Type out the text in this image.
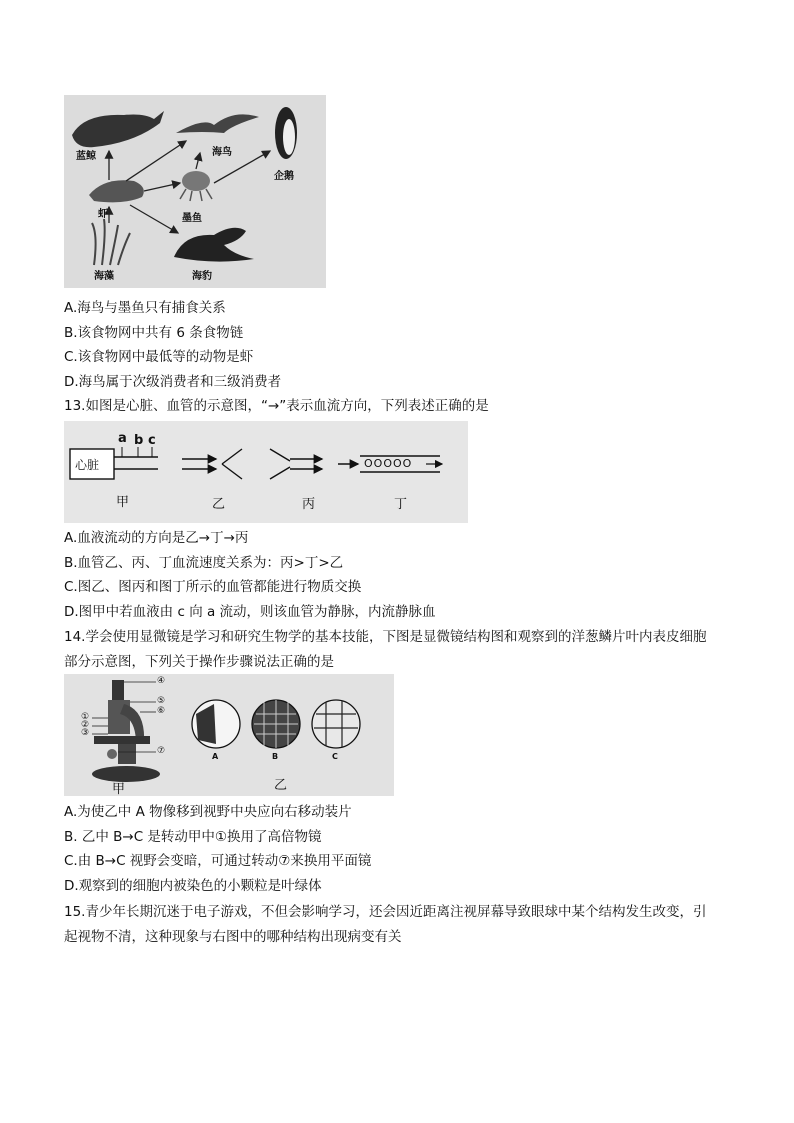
蓝鲸	海鸟
企鹅
虾	墨鱼
海藻	海豹
A.海鸟与墨鱼只有捕食关系
B.该食物网中共有 6 条食物链
C.该食物网中最低等的动物是虾
D.海鸟属于次级消费者和三级消费者
13.如图是心脏、血管的示意图，“→”表示血流方向，下列表述正确的是
心脏
a b c
OOOOO
甲	乙	丙	丁
A.血液流动的方向是乙→丁→丙
B.血管乙、丙、丁血流速度关系为：丙>丁>乙
C.图乙、图丙和图丁所示的血管都能进行物质交换
D.图甲中若血液由 c 向 a 流动，则该血管为静脉，内流静脉血
14.学会使用显微镜是学习和研究生物学的基本技能，下图是显微镜结构图和观察到的洋葱鳞片叶内表皮细胞
部分示意图，下列关于操作步骤说法正确的是
④
⑤
⑥
①
②
③
⑦
A	B	C
甲	乙
A.为使乙中 A 物像移到视野中央应向右移动装片
B. 乙中 B→C 是转动甲中①换用了高倍物镜
C.由 B→C 视野会变暗，可通过转动⑦来换用平面镜
D.观察到的细胞内被染色的小颗粒是叶绿体
15.青少年长期沉迷于电子游戏，不但会影响学习，还会因近距离注视屏幕导致眼球中某个结构发生改变，引
起视物不清，这种现象与右图中的哪种结构出现病变有关
